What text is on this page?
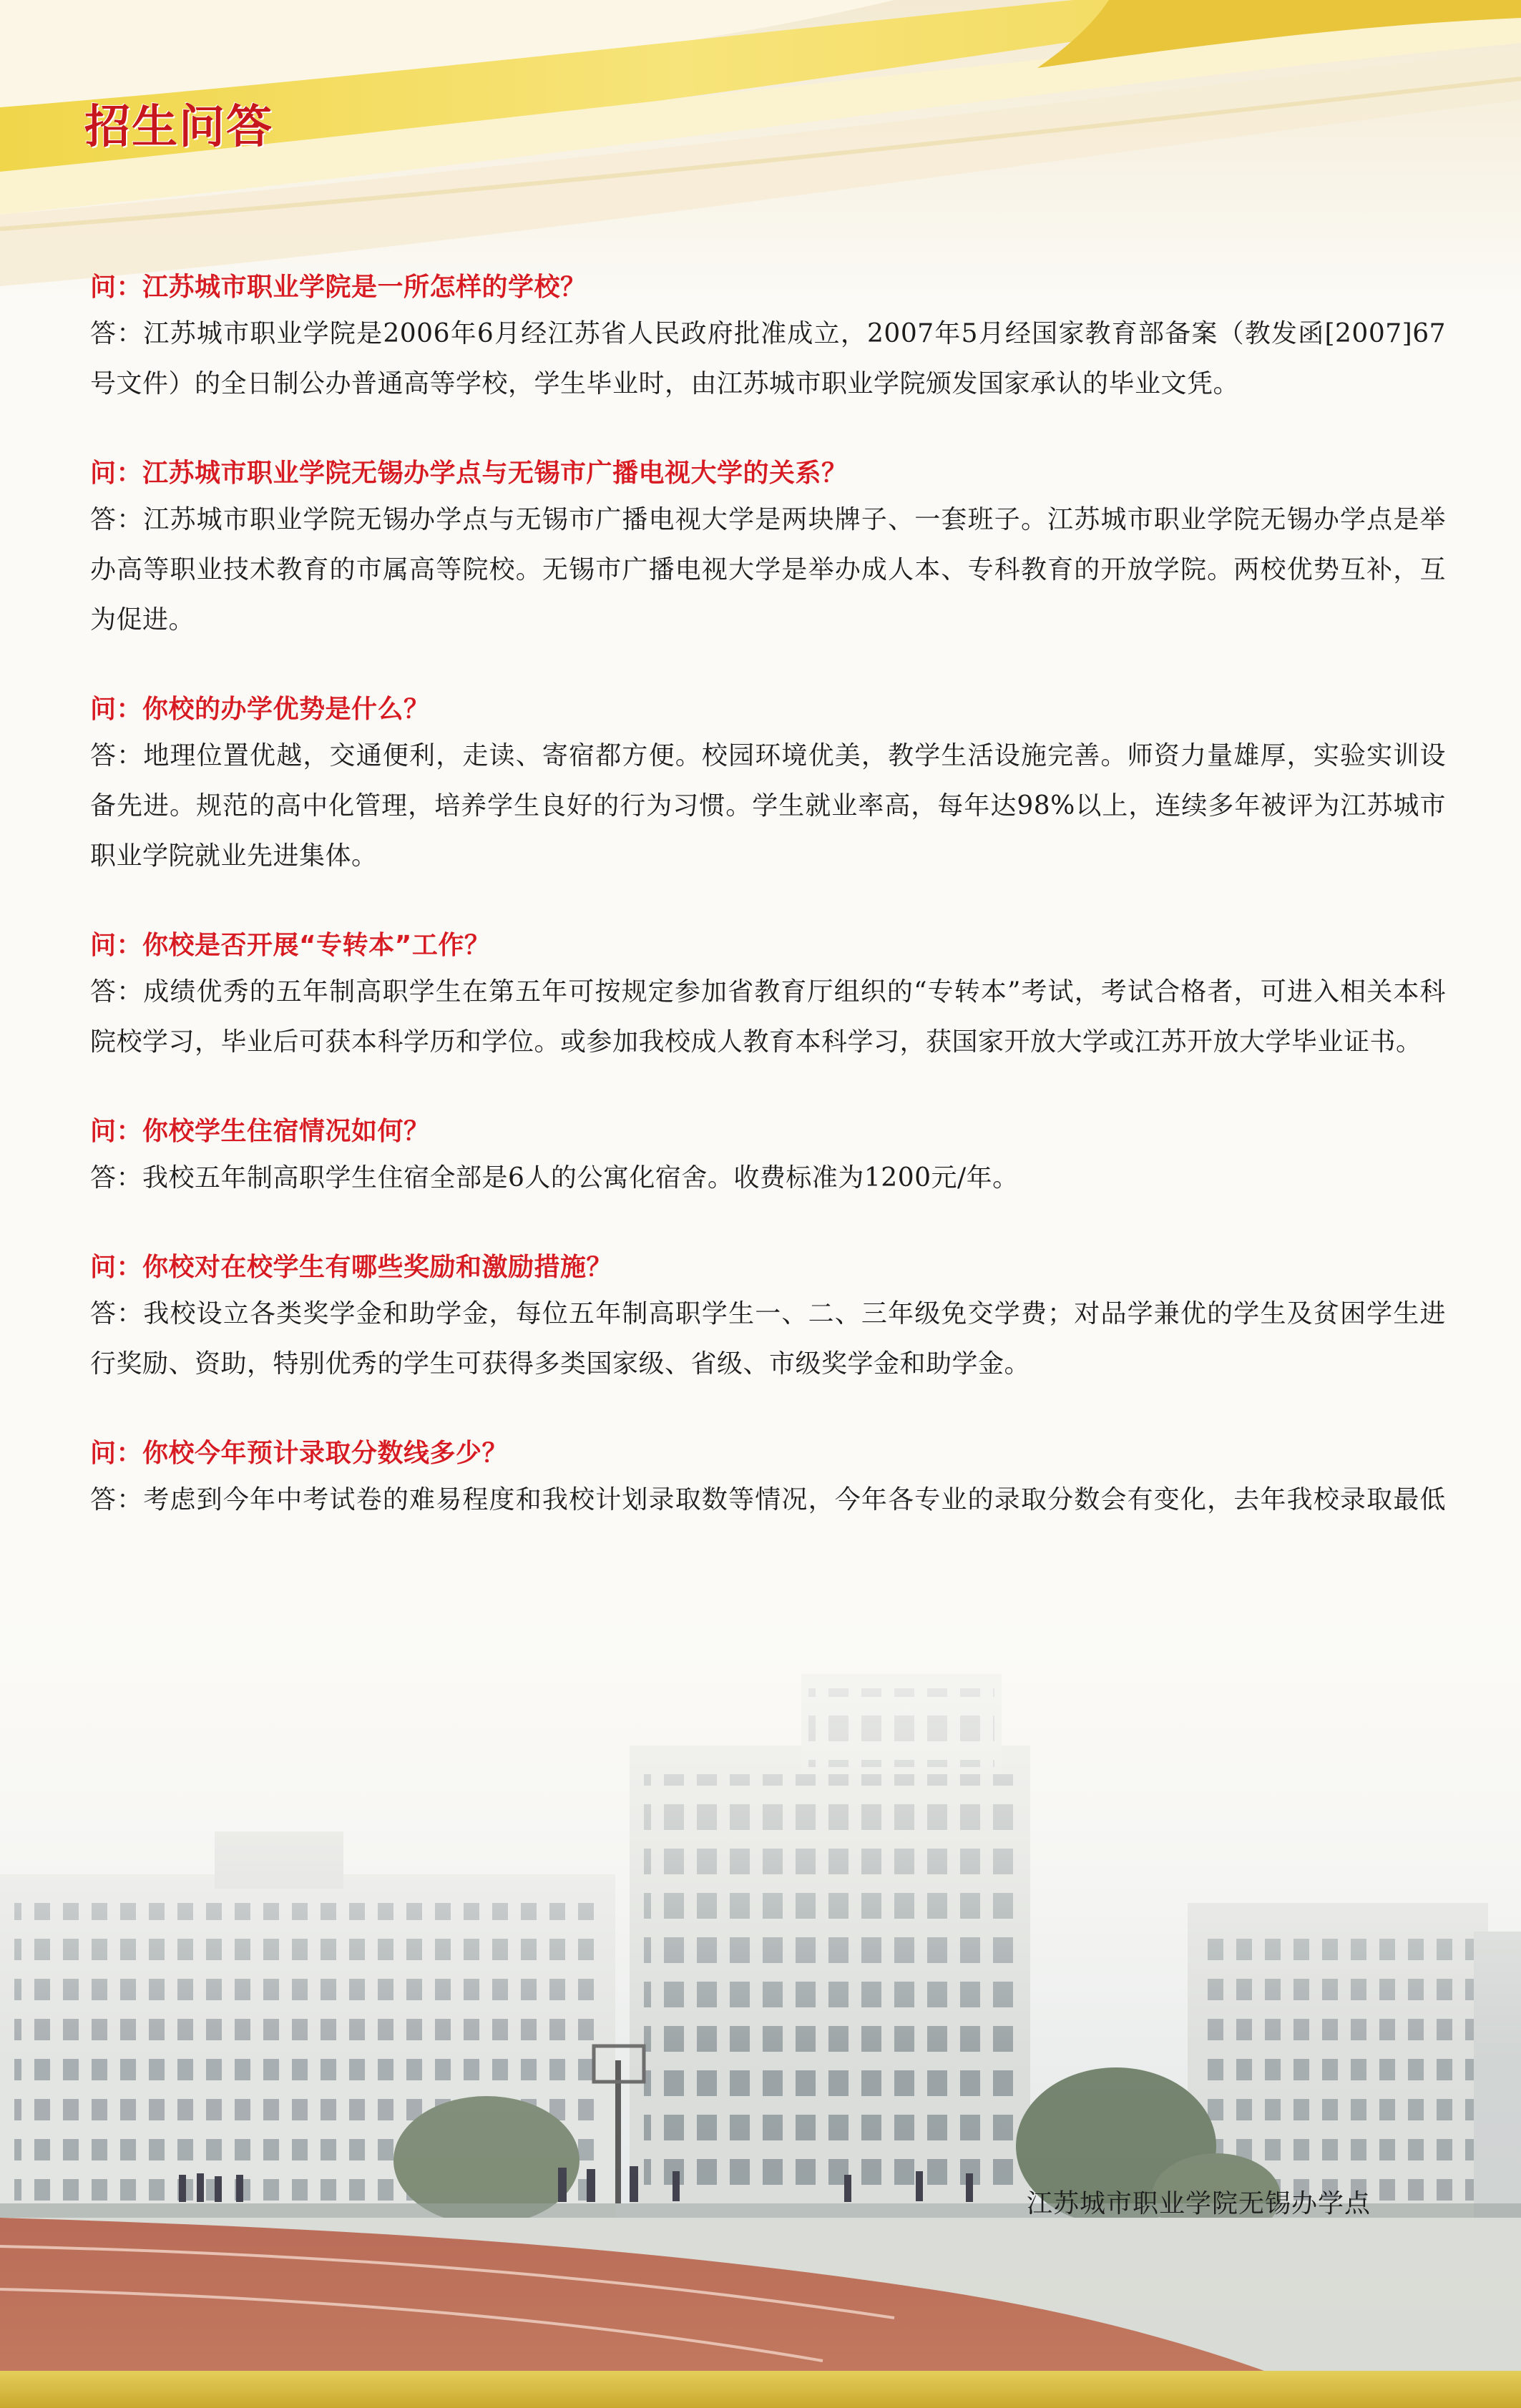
招生问答
问：江苏城市职业学院是一所怎样的学校？
答：江苏城市职业学院是2006年6月经江苏省人民政府批准成立，2007年5月经国家教育部备案（教发函[2007]67号文件）的全日制公办普通高等学校，学生毕业时，由江苏城市职业学院颁发国家承认的毕业文凭。
问：江苏城市职业学院无锡办学点与无锡市广播电视大学的关系？
答：江苏城市职业学院无锡办学点与无锡市广播电视大学是两块牌子、一套班子。江苏城市职业学院无锡办学点是举办高等职业技术教育的市属高等院校。无锡市广播电视大学是举办成人本、专科教育的开放学院。两校优势互补，互为促进。
问：你校的办学优势是什么？
答：地理位置优越，交通便利，走读、寄宿都方便。校园环境优美，教学生活设施完善。师资力量雄厚，实验实训设备先进。规范的高中化管理，培养学生良好的行为习惯。学生就业率高，每年达98%以上，连续多年被评为江苏城市职业学院就业先进集体。
问：你校是否开展“专转本”工作？
答：成绩优秀的五年制高职学生在第五年可按规定参加省教育厅组织的“专转本”考试，考试合格者，可进入相关本科院校学习，毕业后可获本科学历和学位。或参加我校成人教育本科学习，获国家开放大学或江苏开放大学毕业证书。
问：你校学生住宿情况如何？
答：我校五年制高职学生住宿全部是6人的公寓化宿舍。收费标准为1200元/年。
问：你校对在校学生有哪些奖励和激励措施？
答：我校设立各类奖学金和助学金，每位五年制高职学生一、二、三年级免交学费；对品学兼优的学生及贫困学生进行奖励、资助，特别优秀的学生可获得多类国家级、省级、市级奖学金和助学金。
问：你校今年预计录取分数线多少？
答：考虑到今年中考试卷的难易程度和我校计划录取数等情况，今年各专业的录取分数会有变化，去年我校录取最低
江苏城市职业学院无锡办学点
